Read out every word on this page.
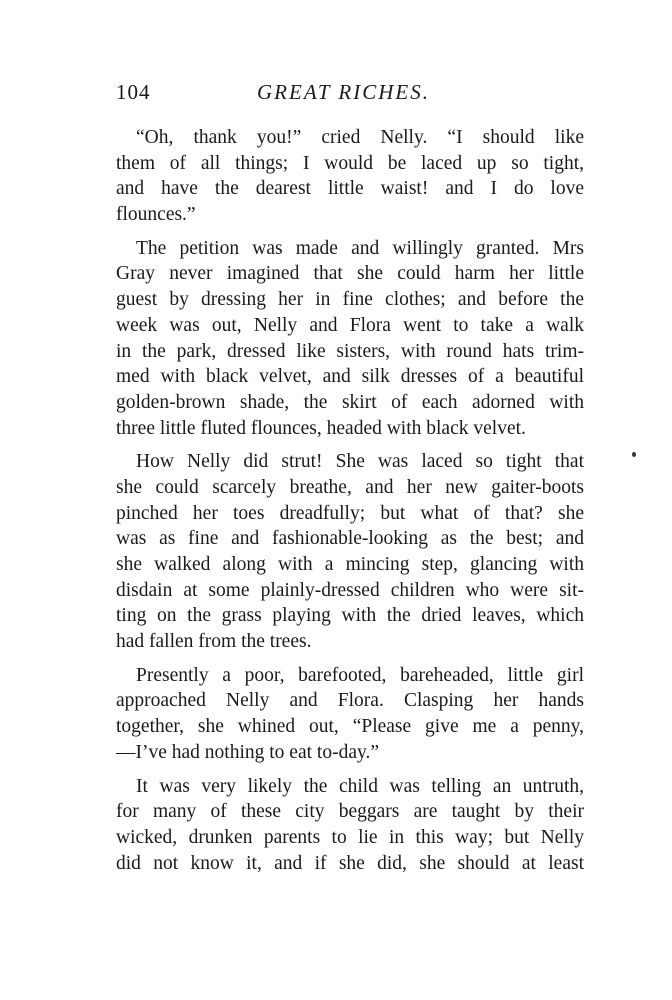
104	GREAT RICHES.
“Oh, thank you!” cried Nelly. “I should like
them of all things; I would be laced up so tight,
and have the dearest little waist! and I do love
flounces.”
The petition was made and willingly granted. Mrs
Gray never imagined that she could harm her little
guest by dressing her in fine clothes; and before the
week was out, Nelly and Flora went to take a walk
in the park, dressed like sisters, with round hats trim-
med with black velvet, and silk dresses of a beautiful
golden-brown shade, the skirt of each adorned with
three little fluted flounces, headed with black velvet.
How Nelly did strut! She was laced so tight that
she could scarcely breathe, and her new gaiter-boots
pinched her toes dreadfully; but what of that? she
was as fine and fashionable-looking as the best; and
she walked along with a mincing step, glancing with
disdain at some plainly-dressed children who were sit-
ting on the grass playing with the dried leaves, which
had fallen from the trees.
Presently a poor, barefooted, bareheaded, little girl
approached Nelly and Flora. Clasping her hands
together, she whined out, “Please give me a penny,
—I’ve had nothing to eat to-day.”
It was very likely the child was telling an untruth,
for many of these city beggars are taught by their
wicked, drunken parents to lie in this way; but Nelly
did not know it, and if she did, she should at least
